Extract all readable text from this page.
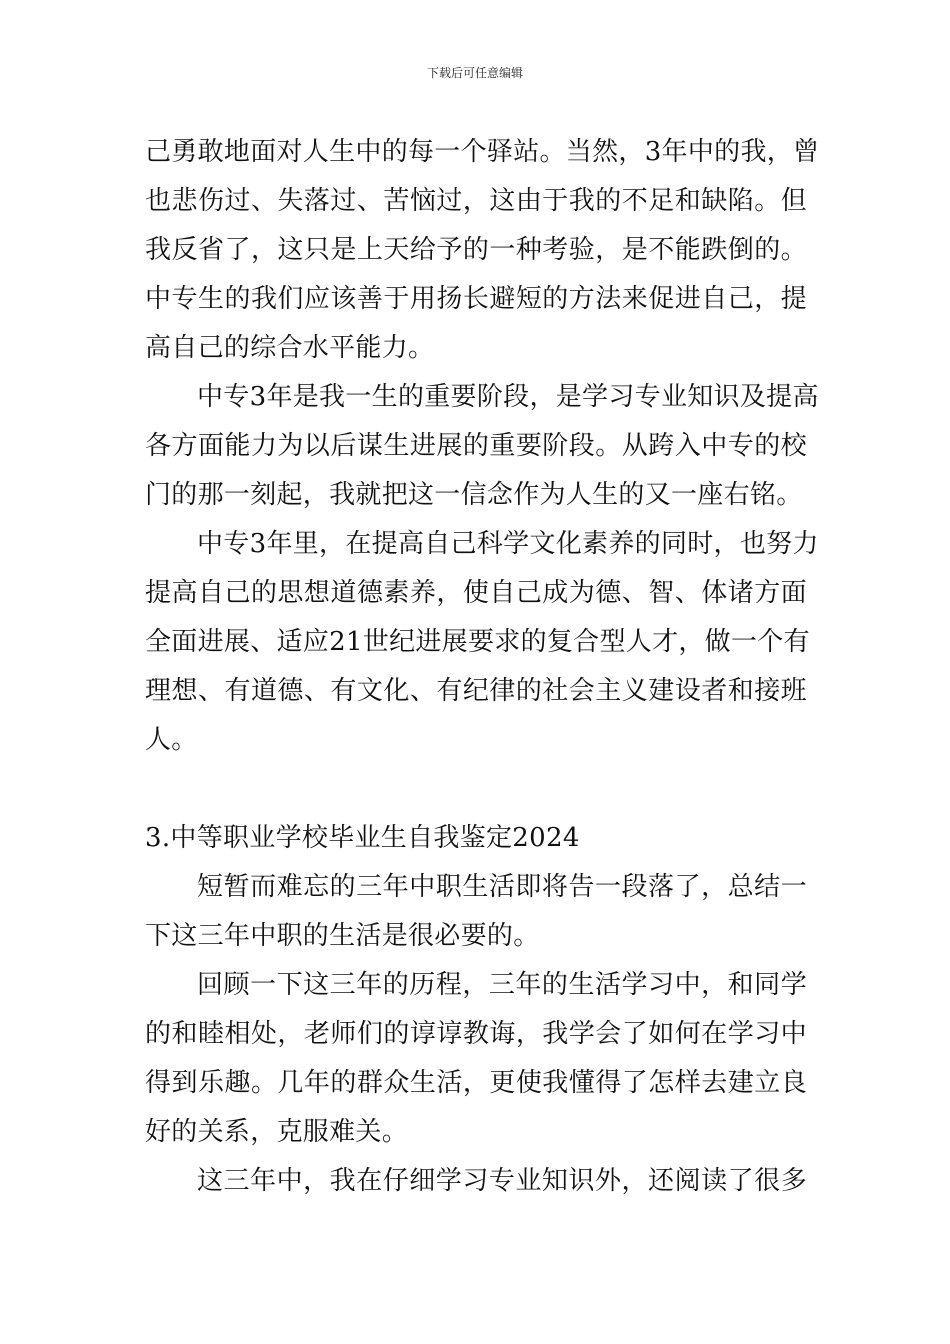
下载后可任意编辑
己勇敢地面对人生中的每一个驿站。当然，3年中的我，曾
也悲伤过、失落过、苦恼过，这由于我的不足和缺陷。但
我反省了，这只是上天给予的一种考验，是不能跌倒的。
中专生的我们应该善于用扬长避短的方法来促进自己，提
高自己的综合水平能力。
中专3年是我一生的重要阶段，是学习专业知识及提高
各方面能力为以后谋生进展的重要阶段。从跨入中专的校
门的那一刻起，我就把这一信念作为人生的又一座右铭。
中专3年里，在提高自己科学文化素养的同时，也努力
提高自己的思想道德素养，使自己成为德、智、体诸方面
全面进展、适应21世纪进展要求的复合型人才，做一个有
理想、有道德、有文化、有纪律的社会主义建设者和接班
人。
3.中等职业学校毕业生自我鉴定2024
短暂而难忘的三年中职生活即将告一段落了，总结一
下这三年中职的生活是很必要的。
回顾一下这三年的历程，三年的生活学习中，和同学
的和睦相处，老师们的谆谆教诲，我学会了如何在学习中
得到乐趣。几年的群众生活，更使我懂得了怎样去建立良
好的关系，克服难关。
这三年中，我在仔细学习专业知识外，还阅读了很多
